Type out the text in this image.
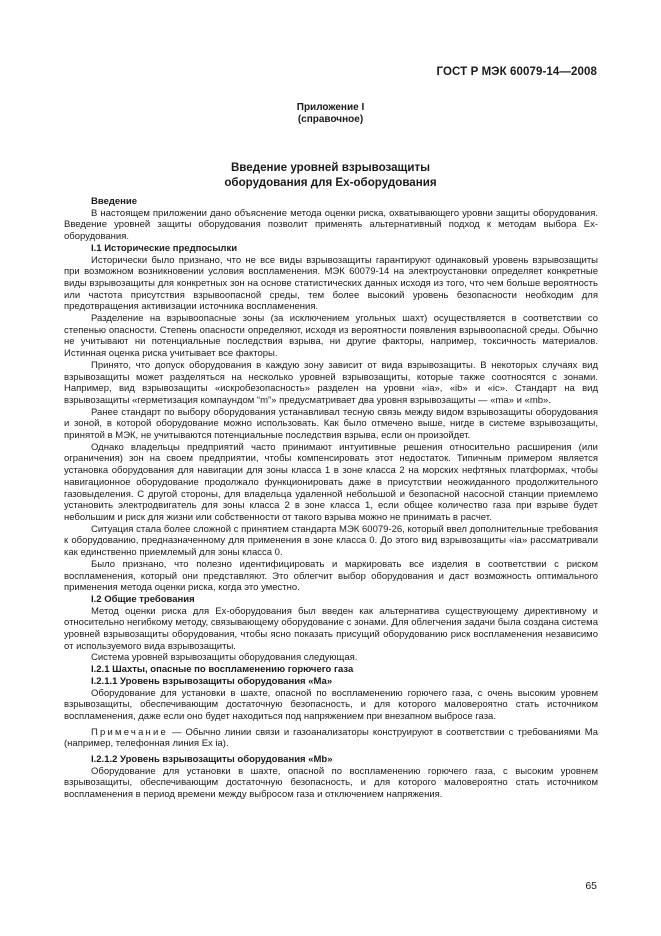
ГОСТ Р МЭК 60079-14—2008
Приложение I
(справочное)
Введение уровней взрывозащиты
оборудования для Ex-оборудования
Введение

В настоящем приложении дано объяснение метода оценки риска, охватывающего уровни защиты оборудования. Введение уровней защиты оборудования позволит применять альтернативный подход к методам выбора Ex-оборудования.

I.1 Исторические предпосылки

Исторически было признано, что не все виды взрывозащиты гарантируют одинаковый уровень взрывозащиты при возможном возникновении условия воспламенения. МЭК 60079-14 на электроустановки определяет конкретные виды взрывозащиты для конкретных зон на основе статистических данных исходя из того, что чем больше вероятность или частота присутствия взрывоопасной среды, тем более высокий уровень безопасности необходим для предотвращения активизации источника воспламенения.

Разделение на взрывоопасные зоны (за исключением угольных шахт) осуществляется в соответствии со степенью опасности. Степень опасности определяют, исходя из вероятности появления взрывоопасной среды. Обычно не учитывают ни потенциальные последствия взрыва, ни другие факторы, например, токсичность материалов. Истинная оценка риска учитывает все факторы.

Принято, что допуск оборудования в каждую зону зависит от вида взрывозащиты. В некоторых случаях вид взрывозащиты может разделяться на несколько уровней взрывозащиты, которые также соотносятся с зонами. Например, вид взрывозащиты «искробезопасность» разделен на уровни «ia», «ib» и «ic». Стандарт на вид взрывозащиты «герметизация компаундом “m”» предусматривает два уровня взрывозащиты — «ma» и «mb».

Ранее стандарт по выбору оборудования устанавливал тесную связь между видом взрывозащиты оборудования и зоной, в которой оборудование можно использовать. Как было отмечено выше, нигде в системе взрывозащиты, принятой в МЭК, не учитываются потенциальные последствия взрыва, если он произойдет.

Однако владельцы предприятий часто принимают интуитивные решения относительно расширения (или ограничения) зон на своем предприятии, чтобы компенсировать этот недостаток. Типичным примером является установка оборудования для навигации для зоны класса 1 в зоне класса 2 на морских нефтяных платформах, чтобы навигационное оборудование продолжало функционировать даже в присутствии неожиданного продолжительного газовыделения. С другой стороны, для владельца удаленной небольшой и безопасной насосной станции приемлемо установить электродвигатель для зоны класса 2 в зоне класса 1, если общее количество газа при взрыве будет небольшим и риск для жизни или собственности от такого взрыва можно не принимать в расчет.

Ситуация стала более сложной с принятием стандарта МЭК 60079-26, который ввел дополнительные требования к оборудованию, предназначенному для применения в зоне класса 0. До этого вид взрывозащиты «ia» рассматривали как единственно приемлемый для зоны класса 0.

Было признано, что полезно идентифицировать и маркировать все изделия в соответствии с риском воспламенения, который они представляют. Это облегчит выбор оборудования и даст возможность оптимального применения метода оценки риска, когда это уместно.

I.2 Общие требования

Метод оценки риска для Ex-оборудования был введен как альтернатива существующему директивному и относительно негибкому методу, связывающему оборудование с зонами. Для облегчения задачи была создана система уровней взрывозащиты оборудования, чтобы ясно показать присущий оборудованию риск воспламенения независимо от используемого вида взрывозащиты.

Система уровней взрывозащиты оборудования следующая.

I.2.1 Шахты, опасные по воспламенению горючего газа
I.2.1.1 Уровень взрывозащиты оборудования «Ма»

Оборудование для установки в шахте, опасной по воспламенению горючего газа, с очень высоким уровнем взрывозащиты, обеспечивающим достаточную безопасность, и для которого маловероятно стать источником воспламенения, даже если оно будет находиться под напряжением при внезапном выбросе газа.

Примечание — Обычно линии связи и газоанализаторы конструируют в соответствии с требованиями Ма (например, телефонная линия Ex ia).

I.2.1.2 Уровень взрывозащиты оборудования «Mb»

Оборудование для установки в шахте, опасной по воспламенению горючего газа, с высоким уровнем взрывозащиты, обеспечивающим достаточную безопасность, и для которого маловероятно стать источником воспламенения в период времени между выбросом газа и отключением напряжения.

65
